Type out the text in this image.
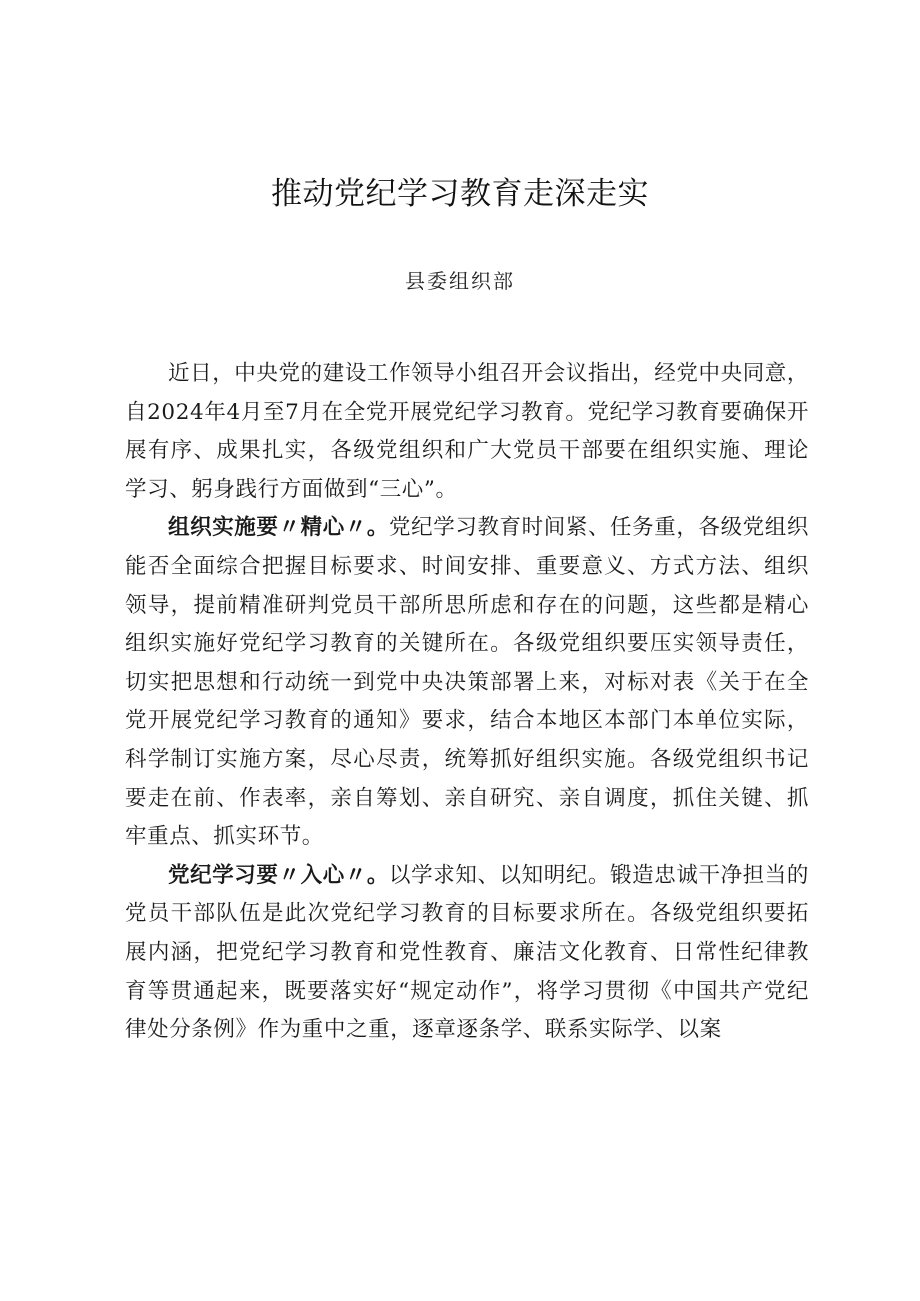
推动党纪学习教育走深走实

县委组织部

近日，中央党的建设工作领导小组召开会议指出，经党中央同意，自2024年4月至7月在全党开展党纪学习教育。党纪学习教育要确保开展有序、成果扎实，各级党组织和广大党员干部要在组织实施、理论学习、躬身践行方面做到“三心”。

组织实施要〃精心〃。党纪学习教育时间紧、任务重，各级党组织能否全面综合把握目标要求、时间安排、重要意义、方式方法、组织领导，提前精准研判党员干部所思所虑和存在的问题，这些都是精心组织实施好党纪学习教育的关键所在。各级党组织要压实领导责任，切实把思想和行动统一到党中央决策部署上来，对标对表《关于在全党开展党纪学习教育的通知》要求，结合本地区本部门本单位实际，科学制订实施方案，尽心尽责，统筹抓好组织实施。各级党组织书记要走在前、作表率，亲自筹划、亲自研究、亲自调度，抓住关键、抓牢重点、抓实环节。

党纪学习要〃入心〃。以学求知、以知明纪。锻造忠诚干净担当的党员干部队伍是此次党纪学习教育的目标要求所在。各级党组织要拓展内涵，把党纪学习教育和党性教育、廉洁文化教育、日常性纪律教育等贯通起来，既要落实好“规定动作”，将学习贯彻《中国共产党纪律处分条例》作为重中之重，逐章逐条学、联系实际学、以案
